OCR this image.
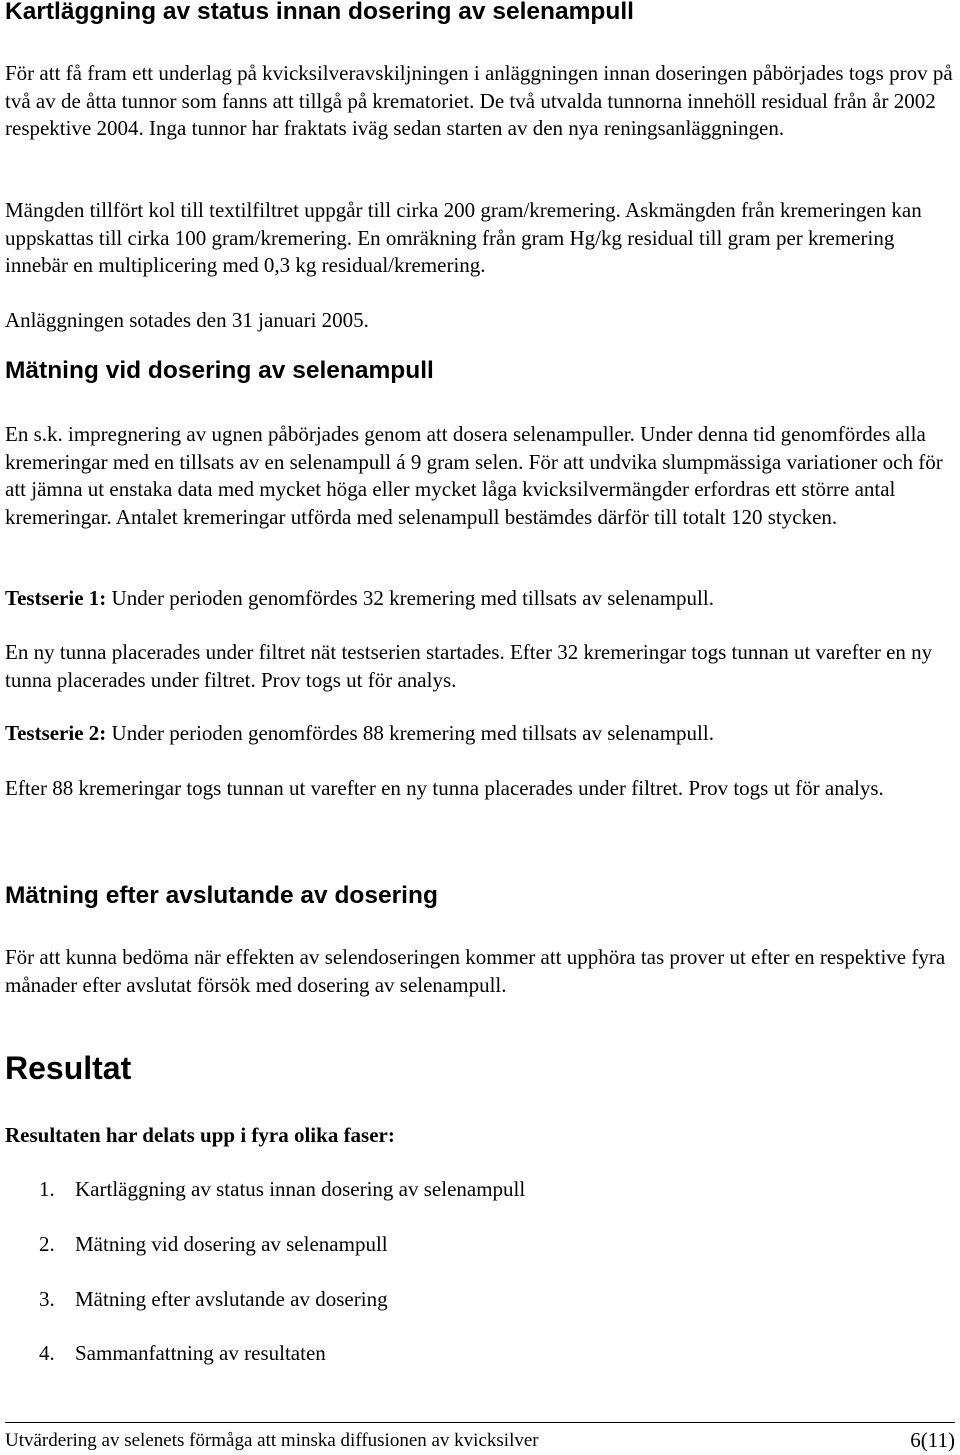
Kartläggning av status innan dosering av selenampull

För att få fram ett underlag på kvicksilveravskiljningen i anläggningen innan doseringen påbörjades togs prov på två av de åtta tunnor som fanns att tillgå på krematoriet. De två utvalda tunnorna innehöll residual från år 2002 respektive 2004. Inga tunnor har fraktats iväg sedan starten av den nya reningsanläggningen.

Mängden tillfört kol till textilfiltret uppgår till cirka 200 gram/kremering. Askmängden från kremeringen kan uppskattas till cirka 100 gram/kremering. En omräkning från gram Hg/kg residual till gram per kremering innebär en multiplicering med 0,3 kg residual/kremering.

Anläggningen sotades den 31 januari 2005.

Mätning vid dosering av selenampull

En s.k. impregnering av ugnen påbörjades genom att dosera selenampuller. Under denna tid genomfördes alla kremeringar med en tillsats av en selenampull á 9 gram selen. För att undvika slumpmässiga variationer och för att jämna ut enstaka data med mycket höga eller mycket låga kvicksilvermängder erfordras ett större antal kremeringar. Antalet kremeringar utförda med selenampull bestämdes därför till totalt 120 stycken.

Testserie 1: Under perioden genomfördes 32 kremering med tillsats av selenampull.

En ny tunna placerades under filtret nät testserien startades. Efter 32 kremeringar togs tunnan ut varefter en ny tunna placerades under filtret. Prov togs ut för analys.

Testserie 2: Under perioden genomfördes 88 kremering med tillsats av selenampull.

Efter 88 kremeringar togs tunnan ut varefter en ny tunna placerades under filtret. Prov togs ut för analys.

Mätning efter avslutande av dosering

För att kunna bedöma när effekten av selendoseringen kommer att upphöra tas prover ut efter en respektive fyra månader efter avslutat försök med dosering av selenampull.

Resultat

Resultaten har delats upp i fyra olika faser:

1. Kartläggning av status innan dosering av selenampull
2. Mätning vid dosering av selenampull
3. Mätning efter avslutande av dosering
4. Sammanfattning av resultaten
Utvärdering av selenets förmåga att minska diffusionen av kvicksilver	6(11)
